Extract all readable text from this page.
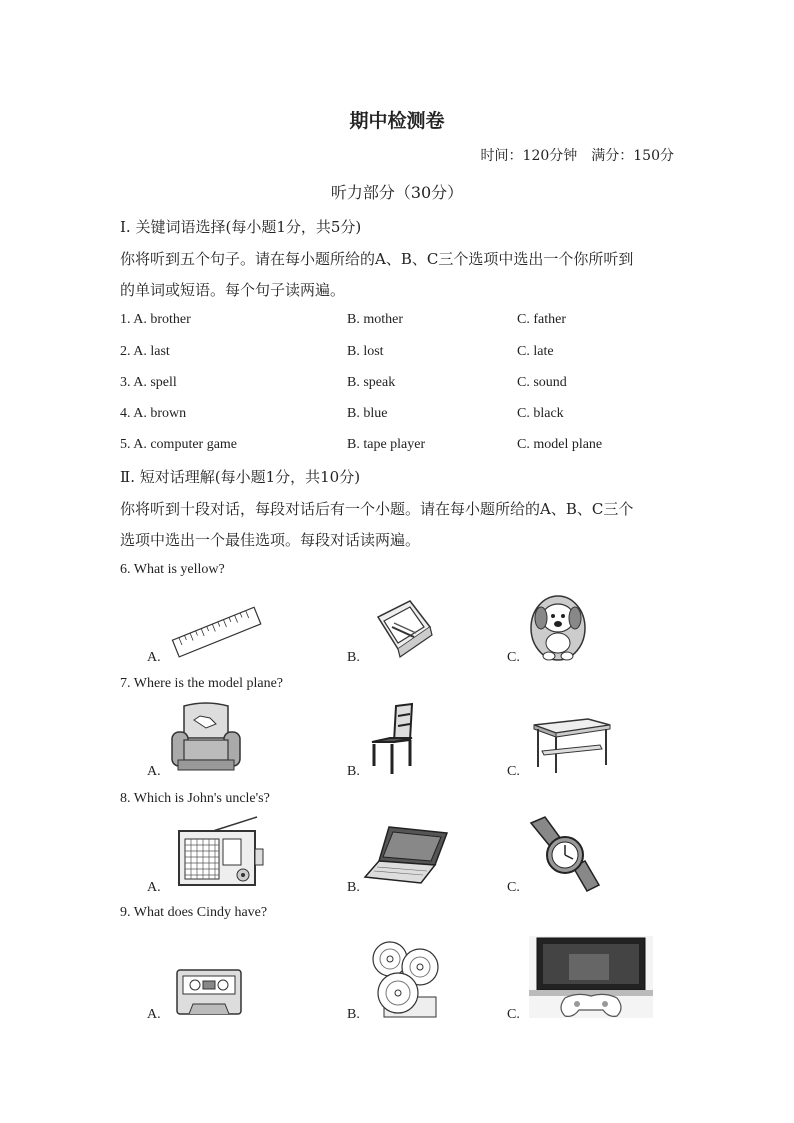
期中检测卷
时间：120分钟　满分：150分
听力部分（30分）
Ⅰ. 关键词语选择(每小题1分，共5分)
你将听到五个句子。请在每小题所给的A、B、C三个选项中选出一个你所听到
的单词或短语。每个句子读两遍。
1. A. brother	B. mother	C. father
2. A. last	B. lost	C. late
3. A. spell	B. speak	C. sound
4. A. brown	B. blue	C. black
5. A. computer game	B. tape player	C. model plane
Ⅱ. 短对话理解(每小题1分，共10分)
你将听到十段对话，每段对话后有一个小题。请在每小题所给的A、B、C三个
选项中选出一个最佳选项。每段对话读两遍。
6. What is yellow?
A.	B.	C.
7. Where is the model plane?
A.	B.	C.
8. Which is John's uncle's?
A.	B.	C.
9. What does Cindy have?
A.	B.	C.
